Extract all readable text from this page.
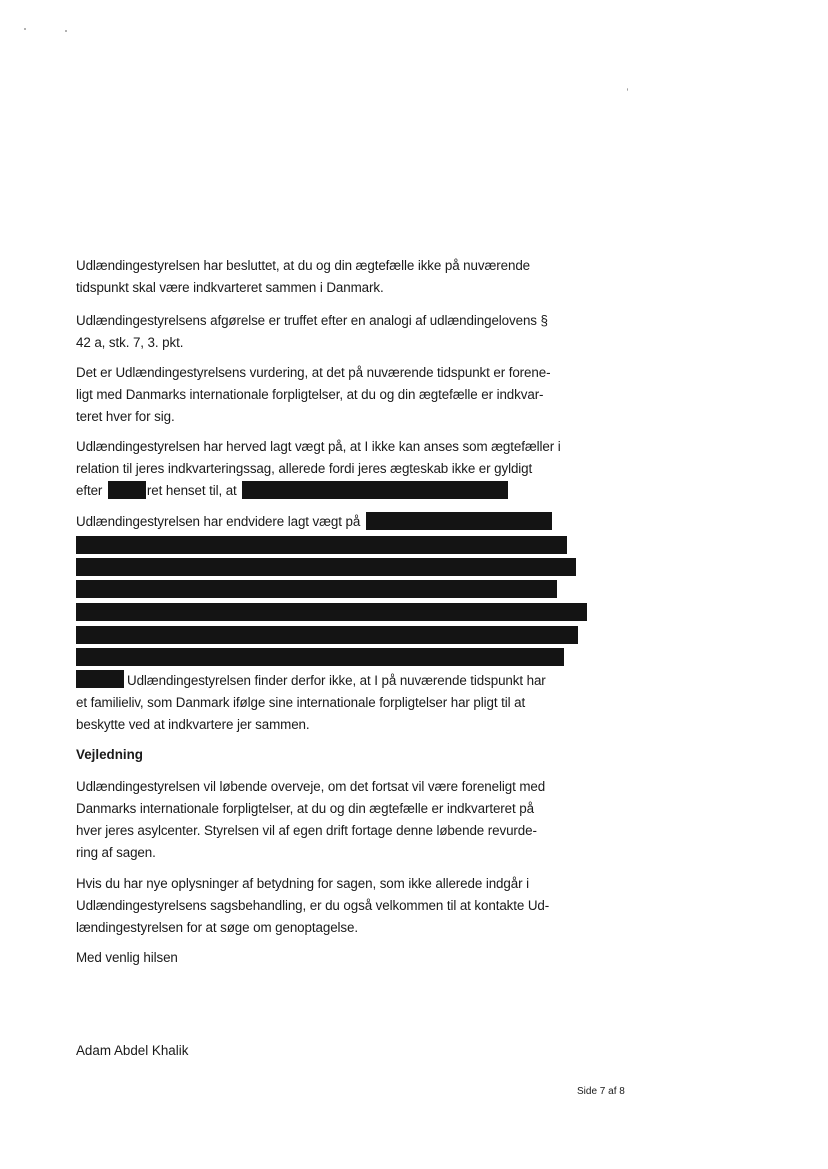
Udlændingestyrelsen har besluttet, at du og din ægtefælle ikke på nuværende
tidspunkt skal være indkvarteret sammen i Danmark.
Udlændingestyrelsens afgørelse er truffet efter en analogi af udlændingelovens §
42 a, stk. 7, 3. pkt.
Det er Udlændingestyrelsens vurdering, at det på nuværende tidspunkt er forene-
ligt med Danmarks internationale forpligtelser, at du og din ægtefælle er indkvar-
teret hver for sig.
Udlændingestyrelsen har herved lagt vægt på, at I ikke kan anses som ægtefæller i
relation til jeres indkvarteringssag, allerede fordi jeres ægteskab ikke er gyldigt
efter	ret henset til, at
Udlændingestyrelsen har endvidere lagt vægt på
Udlændingestyrelsen finder derfor ikke, at I på nuværende tidspunkt har
et familieliv, som Danmark ifølge sine internationale forpligtelser har pligt til at
beskytte ved at indkvartere jer sammen.
Vejledning
Udlændingestyrelsen vil løbende overveje, om det fortsat vil være foreneligt med
Danmarks internationale forpligtelser, at du og din ægtefælle er indkvarteret på
hver jeres asylcenter. Styrelsen vil af egen drift fortage denne løbende revurde-
ring af sagen.
Hvis du har nye oplysninger af betydning for sagen, som ikke allerede indgår i
Udlændingestyrelsens sagsbehandling, er du også velkommen til at kontakte Ud-
lændingestyrelsen for at søge om genoptagelse.
Med venlig hilsen
Adam Abdel Khalik
Side 7 af 8
